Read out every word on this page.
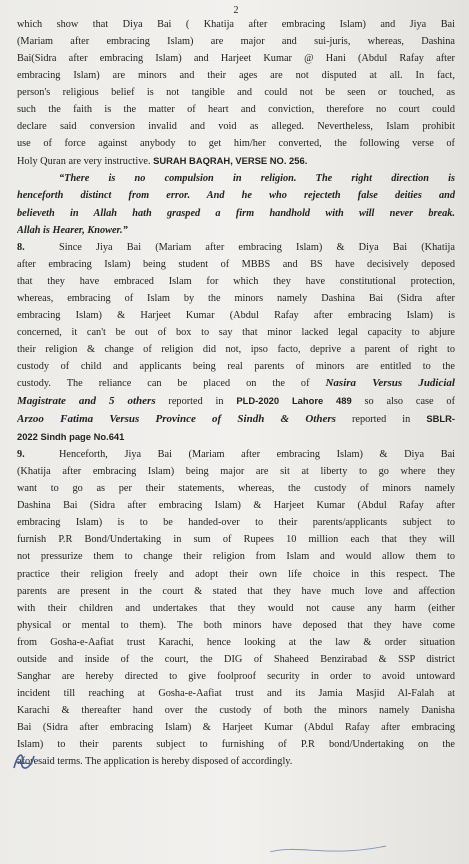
2

which show that Diya Bai ( Khatija after embracing Islam) and Jiya Bai

(Mariam after embracing Islam) are major and sui-juris, whereas, Dashina

Bai(Sidra after embracing Islam) and Harjeet Kumar @ Hani (Abdul Rafay after

embracing Islam) are minors and their ages are not disputed at all. In fact,

person's religious belief is not tangible and could not be seen or touched, as

such the faith is the matter of heart and conviction, therefore no court could

declare said conversion invalid and void as alleged. Nevertheless, Islam prohibit

use of force against anybody to get him/her converted, the following verse of

Holy Quran are very instructive. SURAH BAQRAH, VERSE NO. 256.

“There is no compulsion in religion. The right direction is

henceforth distinct from error. And he who rejecteth false deities and

believeth in Allah hath grasped a firm handhold with will never break.

Allah is Hearer, Knower.”

8.	Since Jiya Bai (Mariam after embracing Islam) & Diya Bai (Khatija

after embracing Islam) being student of MBBS and BS have decisively deposed

that they have embraced Islam for which they have constitutional protection,

whereas, embracing of Islam by the minors namely Dashina Bai (Sidra after

embracing Islam) & Harjeet Kumar (Abdul Rafay after embracing Islam) is

concerned, it can't be out of box to say that minor lacked legal capacity to abjure

their religion & change of religion did not, ipso facto, deprive a parent of right to

custody of child and applicants being real parents of minors are entitled to the

custody. The reliance can be placed on the of Nasira Versus Judicial

Magistrate and 5 others reported in PLD-2020 Lahore 489 so also case of

Arzoo Fatima Versus Province of Sindh & Others reported in SBLR-

2022 Sindh page No.641

9.	Henceforth, Jiya Bai (Mariam after embracing Islam) & Diya Bai

(Khatija after embracing Islam) being major are sit at liberty to go where they

want to go as per their statements, whereas, the custody of minors namely

Dashina Bai (Sidra after embracing Islam) & Harjeet Kumar (Abdul Rafay after

embracing Islam) is to be handed-over to their parents/applicants subject to

furnish P.R Bond/Undertaking in sum of Rupees 10 million each that they will

not pressurize them to change their religion from Islam and would allow them to

practice their religion freely and adopt their own life choice in this respect. The

parents are present in the court & stated that they have much love and affection

with their children and undertakes that they would not cause any harm (either

physical or mental to them). The both minors have deposed that they have come

from Gosha-e-Aafiat trust Karachi, hence looking at the law & order situation

outside and inside of the court, the DIG of Shaheed Benzirabad & SSP district

Sanghar are hereby directed to give foolproof security in order to avoid untoward

incident till reaching at Gosha-e-Aafiat trust and its Jamia Masjid Al-Falah at

Karachi & thereafter hand over the custody of both the minors namely Danisha

Bai (Sidra after embracing Islam) & Harjeet Kumar (Abdul Rafay after embracing

Islam) to their parents subject to furnishing of P.R bond/Undertaking on the

aforesaid terms. The application is hereby disposed of accordingly.
